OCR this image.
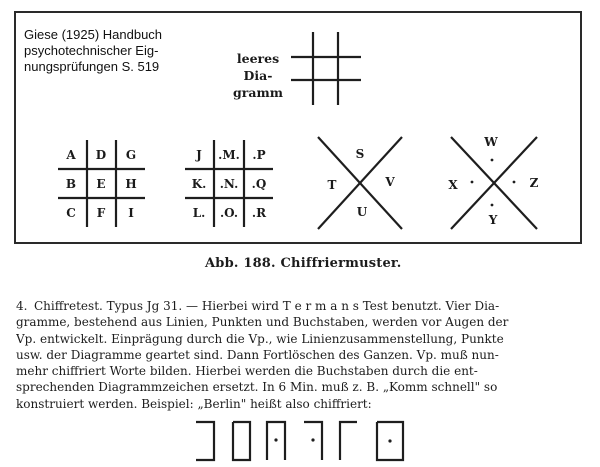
Giese (1925) Handbuch
psychotechnischer Eig-
nungsprüfungen S. 519
leeres
Dia-
gramm
A D G
B E H
C F I
J .M. .P
K. .N. .Q
L. .O. .R
S
T	V
U
W
X	Z
Y
Abb. 188. Chiffriermuster.
4. Chiffretest. Typus Jg 31. — Hierbei wird T e r m a n s Test benutzt. Vier Dia-
gramme, bestehend aus Linien, Punkten und Buchstaben, werden vor Augen der
Vp. entwickelt. Einprägung durch die Vp., wie Linienzusammenstellung, Punkte
usw. der Diagramme geartet sind. Dann Fortlöschen des Ganzen. Vp. muß nun-
mehr chiffriert Worte bilden. Hierbei werden die Buchstaben durch die ent-
sprechenden Diagrammzeichen ersetzt. In 6 Min. muß z. B. „Komm schnell" so
konstruiert werden. Beispiel: „Berlin" heißt also chiffriert:
